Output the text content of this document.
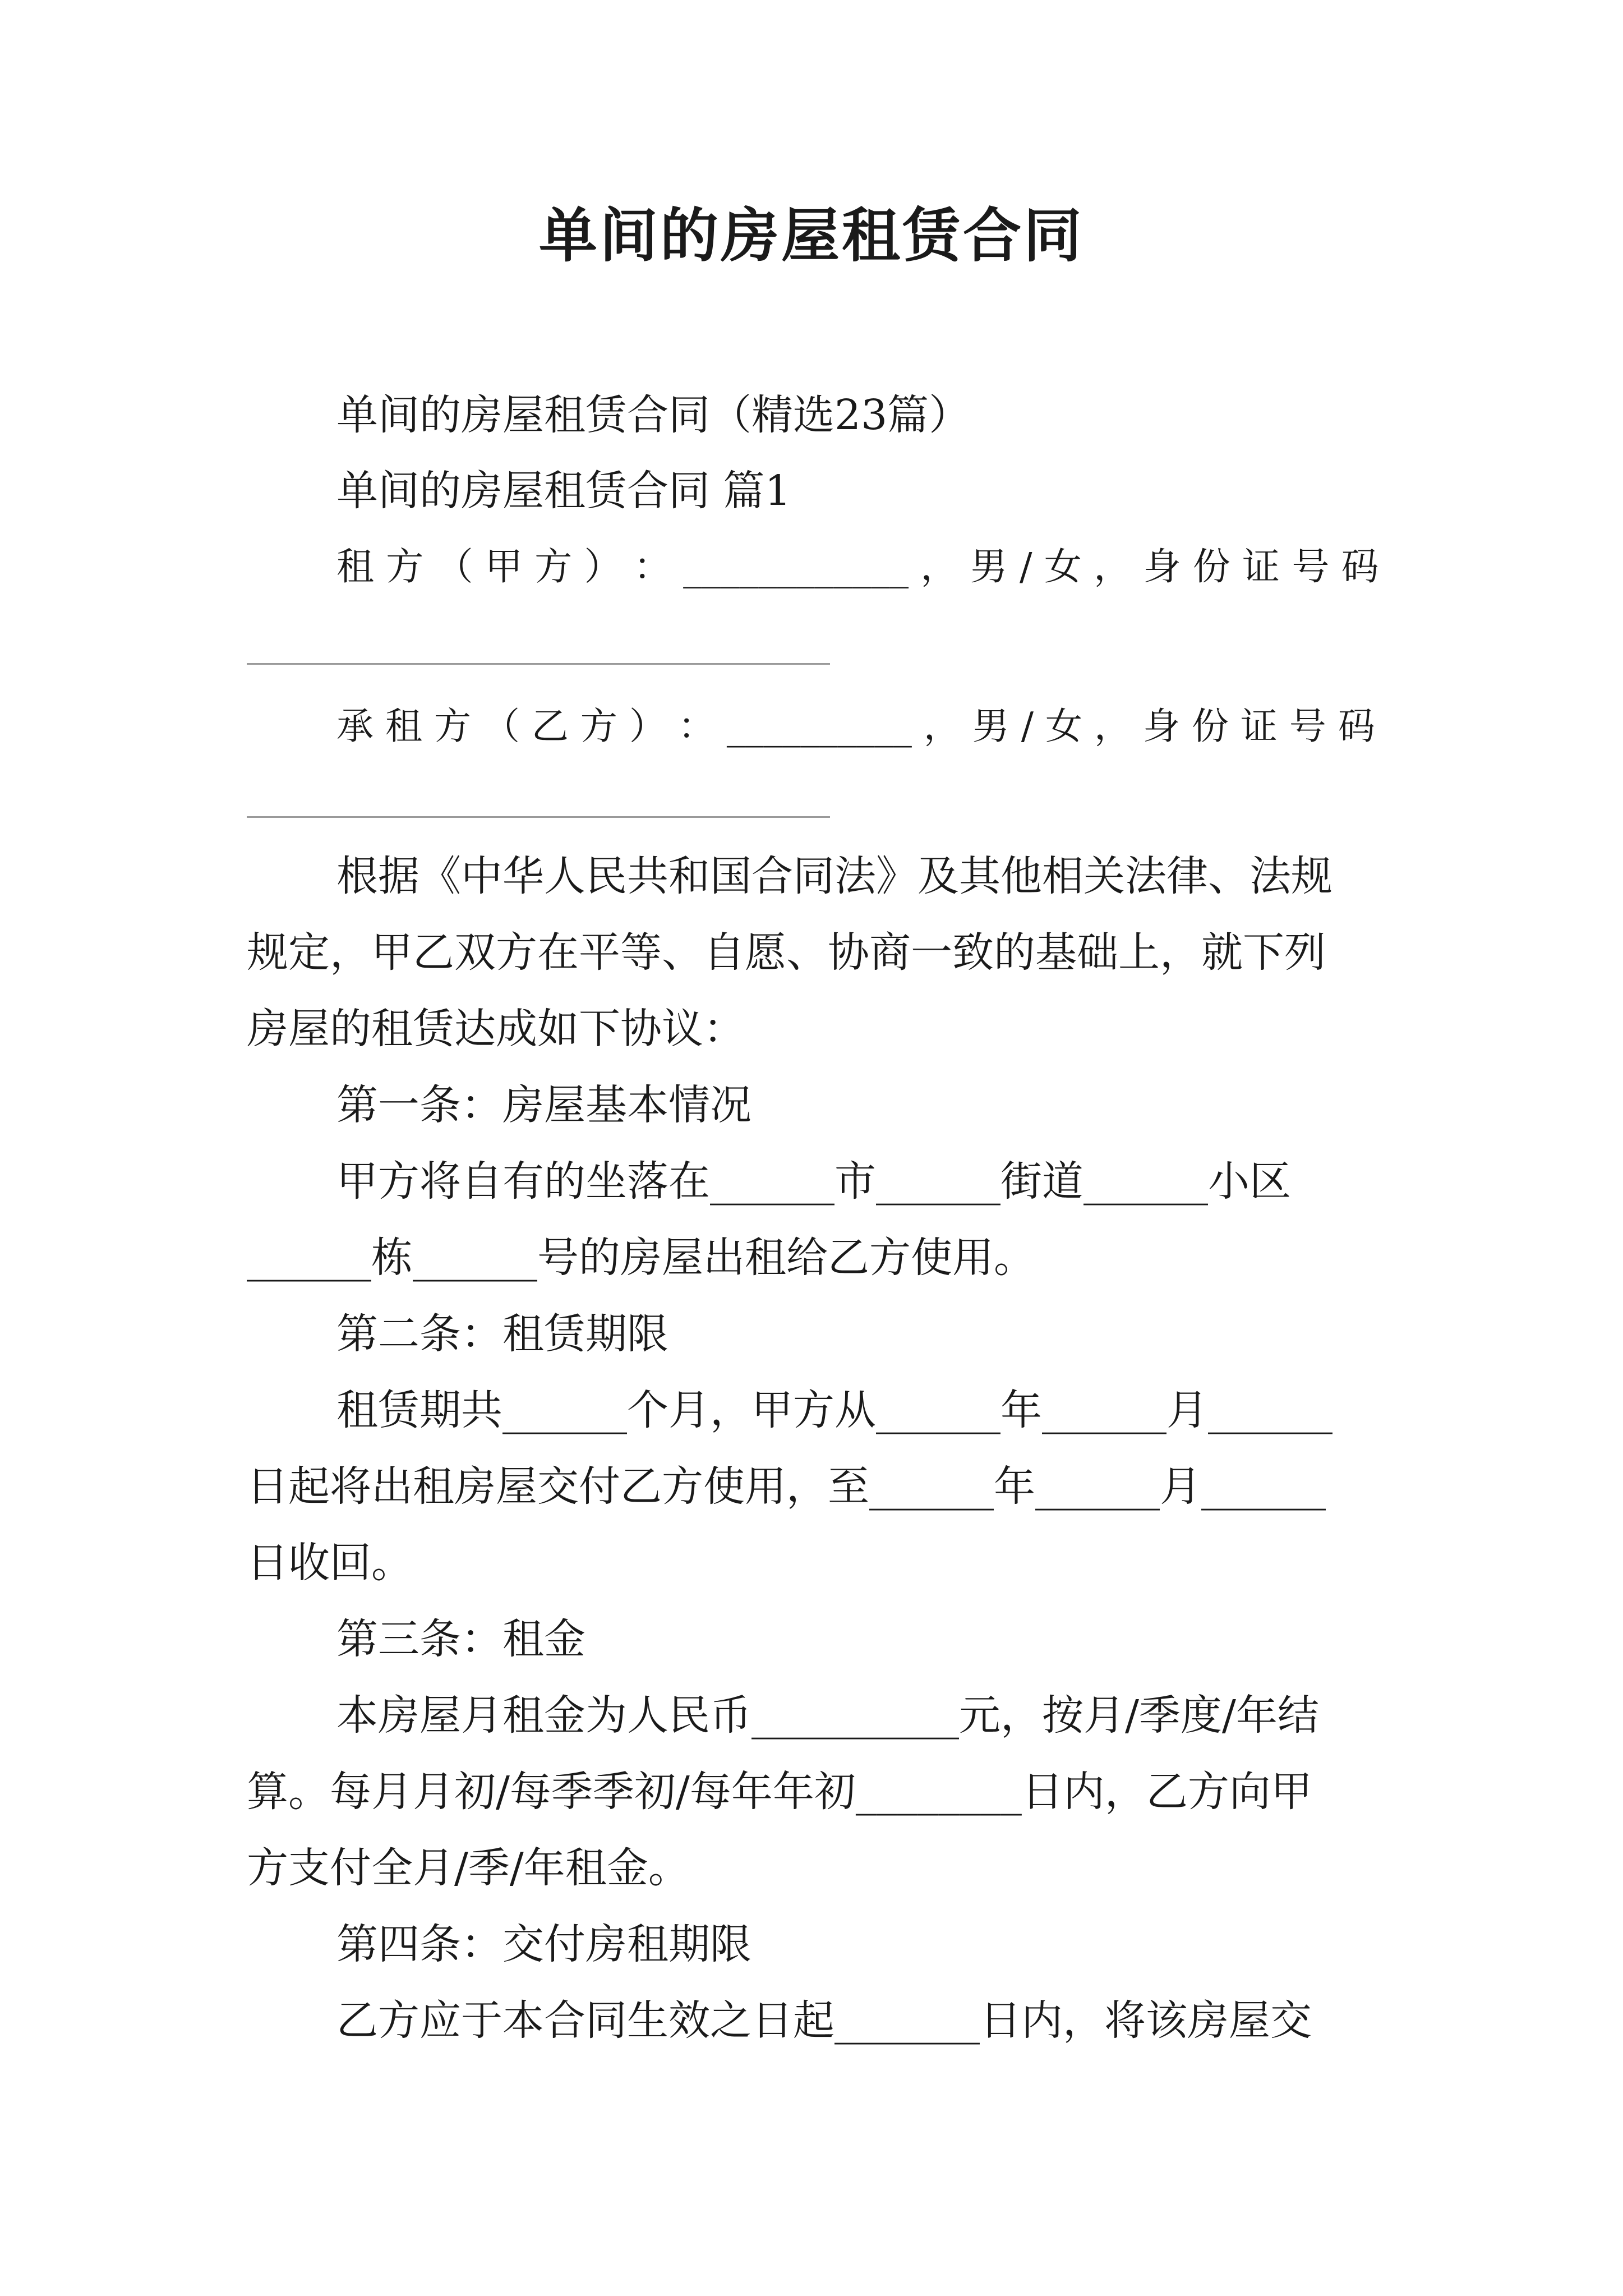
单间的房屋租赁合同
单间的房屋租赁合同（精选23篇）
单间的房屋租赁合同 篇1
租 方 （ 甲 方 ） ： ____________ ， 男 / 女 ， 身 份 证 号 码
承 租 方 （ 乙 方 ） ： __________ ， 男 / 女 ， 身 份 证 号 码
根据《中华人民共和国合同法》及其他相关法律、法规
规定，甲乙双方在平等、自愿、协商一致的基础上，就下列
房屋的租赁达成如下协议：
第一条：房屋基本情况
甲方将自有的坐落在______市______街道______小区
______栋______号的房屋出租给乙方使用。
第二条：租赁期限
租赁期共______个月，甲方从______年______月______
日起将出租房屋交付乙方使用，至______年______月______
日收回。
第三条：租金
本房屋月租金为人民币__________元，按月/季度/年结
算。每月月初/每季季初/每年年初________日内，乙方向甲
方支付全月/季/年租金。
第四条：交付房租期限
乙方应于本合同生效之日起_______日内，将该房屋交
